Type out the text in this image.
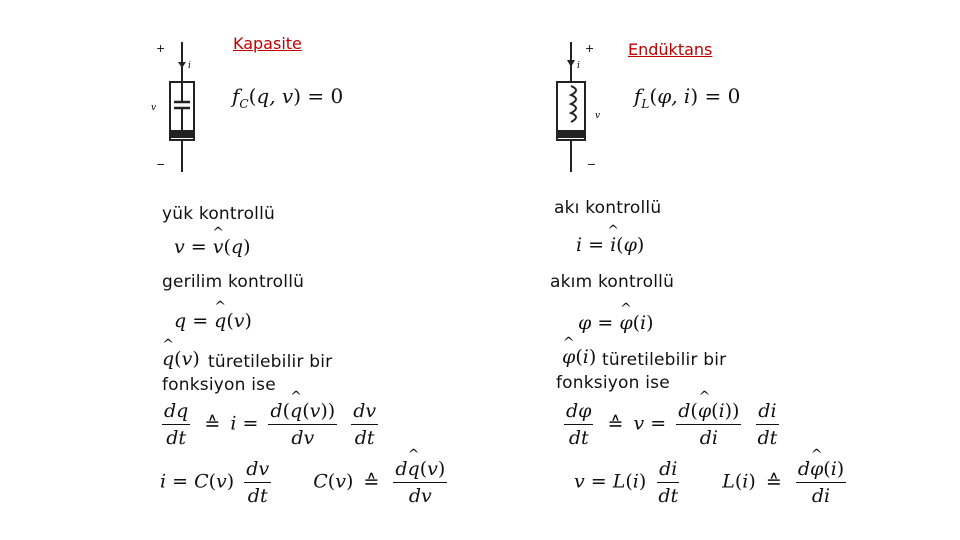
Kapasite
+
i
v
−
$f_C(q$, v) = 0
yük kontrollü
v = ^ v(q)
gerilim kontrollü
q = ^ q(v)
^ q(v) türetilebilir bir
fonksiyon ise
$\frac{dq}{dt}$ ≙ $i = \frac{d(\^{} q(v))}{dv}$
$\frac{dv}{dt}$
$i = C(v) \frac{dv}{dt} C(v)$ ≙ $\frac{d\^{} q(v)}{dv}$
Endüktans
+
i
v
−
$f_L(\varphi$, i) = 0
akı kontrollü
i = ^ i(φ)
akım kontrollü
φ = ^ φ(i)
^ φ(i) türetilebilir bir
fonksiyon ise
$\frac{d\varphi}{dt}$ ≙ $v = \frac{d(\^{} \varphi(i))}{di}$
$\frac{di}{dt}$
$v = L(i) \frac{di}{dt} L(i)$ ≙ $\frac{d\^{} \varphi(i)}{di}$
